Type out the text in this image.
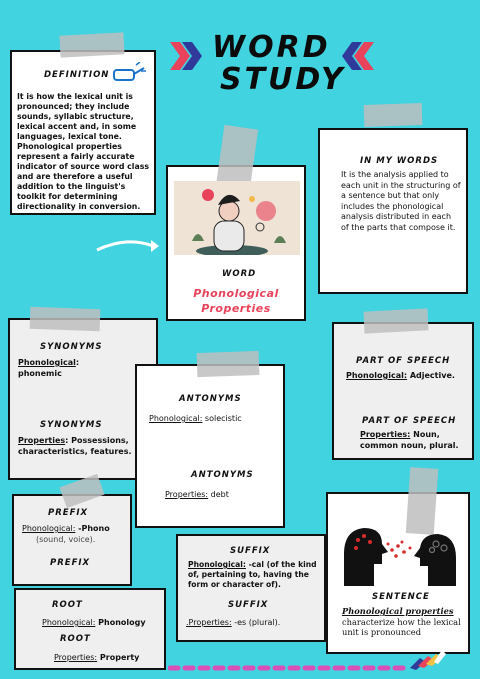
WORD
STUDY
DEFINITION
It is how the lexical unit is pronounced; they include sounds, syllabic structure, lexical accent and, in some languages, lexical tone. Phonological properties represent a fairly accurate indicator of source word class and are therefore a useful addition to the linguist's toolkit for determining directionality in conversion.
WORD
Phonological
Properties
IN MY WORDS
It is the analysis applied to each unit in the structuring of a sentence but that only includes the phonological analysis distributed in each of the parts that compose it.
SYNONYMS
Phonological:
phonemic
SYNONYMS
Properties: Possessions, characteristics, features.
ANTONYMS
Phonological: solecistic
ANTONYMS
Properties: debt
PART OF SPEECH
Phonological: Adjective.
PART OF SPEECH
Properties: Noun,
common noun, plural.
PREFIX
Phonological: -Phono
(sound, voice).
PREFIX
SUFFIX
Phonological: -cal (of the kind of, pertaining to, having the form or character of).
SUFFIX
.Properties: -es (plural).
ROOT
Phonological: Phonology
ROOT
Properties: Property
SENTENCE
Phonological properties characterize how the lexical unit is pronounced
